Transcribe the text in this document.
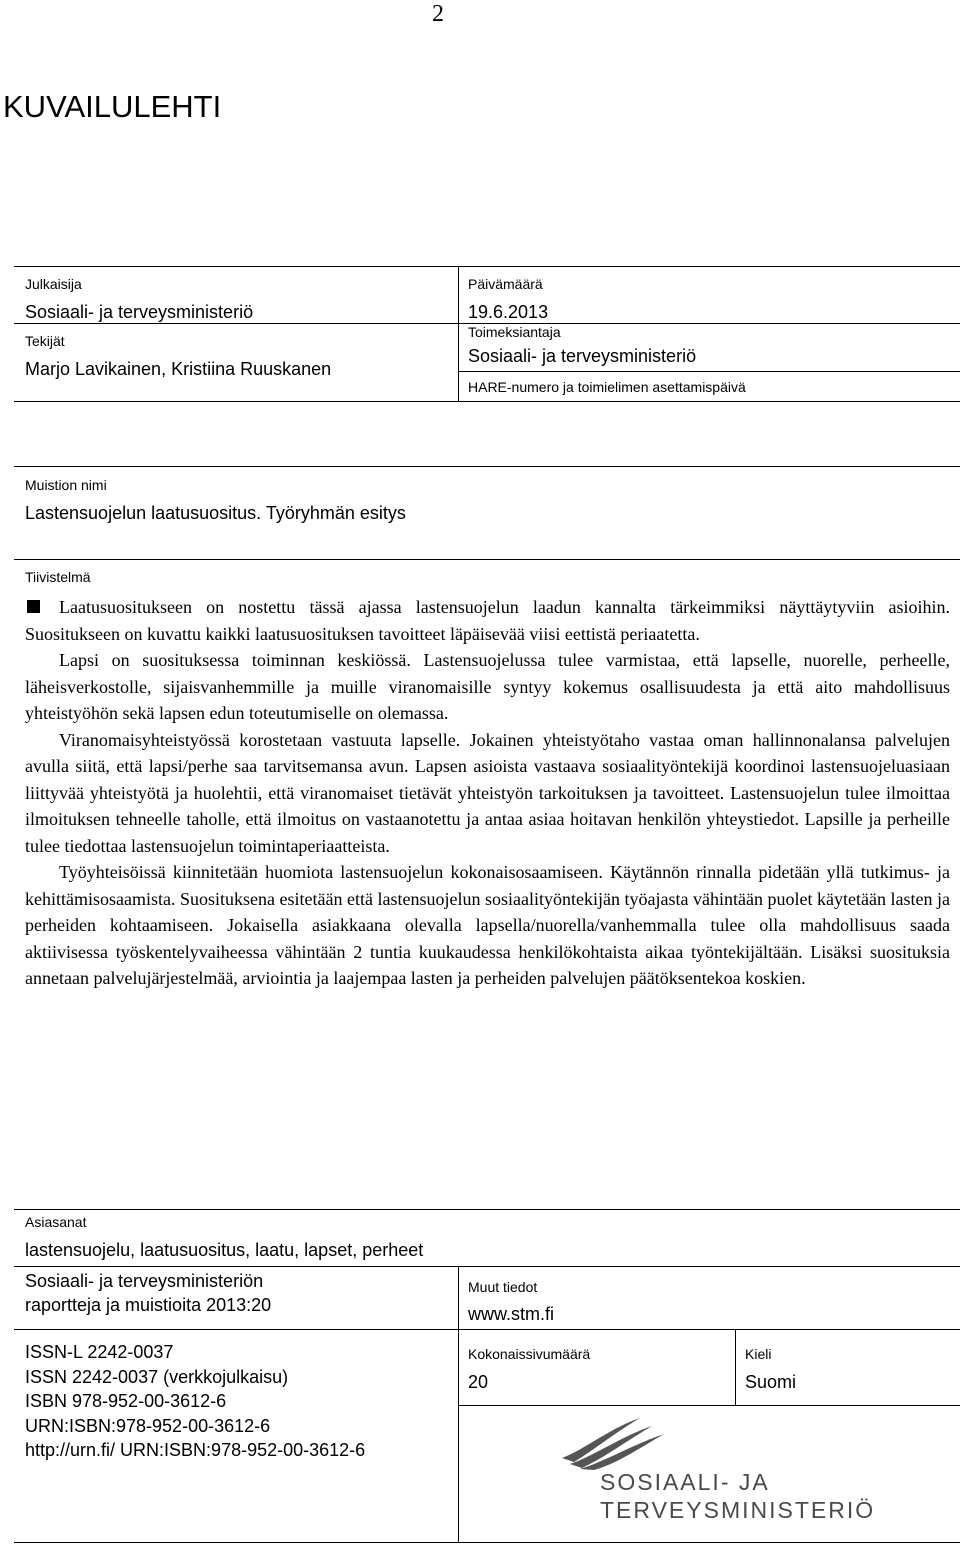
2
KUVAILULEHTI
Julkaisija
Sosiaali- ja terveysministeriö
Päivämäärä
19.6.2013
Tekijät
Marjo Lavikainen, Kristiina Ruuskanen
Toimeksiantaja
Sosiaali- ja terveysministeriö
HARE-numero ja toimielimen asettamispäivä
Muistion nimi
Lastensuojelun laatusuositus. Työryhmän esitys
Tiivistelmä

Laatusuositukseen on nostettu tässä ajassa lastensuojelun laadun kannalta tärkeimmiksi näyttäytyviin asioihin. Suositukseen on kuvattu kaikki laatusuosituksen tavoitteet läpäisevää viisi eettistä periaatetta.

Lapsi on suosituksessa toiminnan keskiössä. Lastensuojelussa tulee varmistaa, että lapselle, nuorelle, perheelle, läheisverkostolle, sijaisvanhemmille ja muille viranomaisille syntyy kokemus osallisuudesta ja että aito mahdollisuus yhteistyöhön sekä lapsen edun toteutumiselle on olemassa.

Viranomaisyhteistyössä korostetaan vastuuta lapselle. Jokainen yhteistyötaho vastaa oman hallinnonalansa palvelujen avulla siitä, että lapsi/perhe saa tarvitsemansa avun. Lapsen asioista vastaava sosiaalityöntekijä koordinoi lastensuojeluasiaan liittyvää yhteistyötä ja huolehtii, että viranomaiset tietävät yhteistyön tarkoituksen ja tavoitteet. Lastensuojelun tulee ilmoittaa ilmoituksen tehneelle taholle, että ilmoitus on vastaanotettu ja antaa asiaa hoitavan henkilön yhteystiedot. Lapsille ja perheille tulee tiedottaa lastensuojelun toimintaperiaatteista.

Työyhteisöissä kiinnitetään huomiota lastensuojelun kokonaisosaamiseen. Käytännön rinnalla pidetään yllä tutkimus- ja kehittämisosaamista. Suosituksena esitetään että lastensuojelun sosiaalityöntekijän työajasta vähintään puolet käytetään lasten ja perheiden kohtaamiseen. Jokaisella asiakkaana olevalla lapsella/nuorella/vanhemmalla tulee olla mahdollisuus saada aktiivisessa työskentelyvaiheessa vähintään 2 tuntia kuukaudessa henkilökohtaista aikaa työntekijältään. Lisäksi suosituksia annetaan palvelujärjestelmää, arviointia ja laajempaa lasten ja perheiden palvelujen päätöksentekoa koskien.

Asiasanat
lastensuojelu, laatusuositus, laatu, lapset, perheet
Sosiaali- ja terveysministeriön
raportteja ja muistioita 2013:20
Muut tiedot
www.stm.fi
ISSN-L 2242-0037
ISSN 2242-0037 (verkkojulkaisu)
ISBN 978-952-00-3612-6
URN:ISBN:978-952-00-3612-6
http://urn.fi/ URN:ISBN:978-952-00-3612-6
Kokonaissivumäärä
20
Kieli
Suomi
SOSIAALI- JA
TERVEYSMINISTERIÖ
